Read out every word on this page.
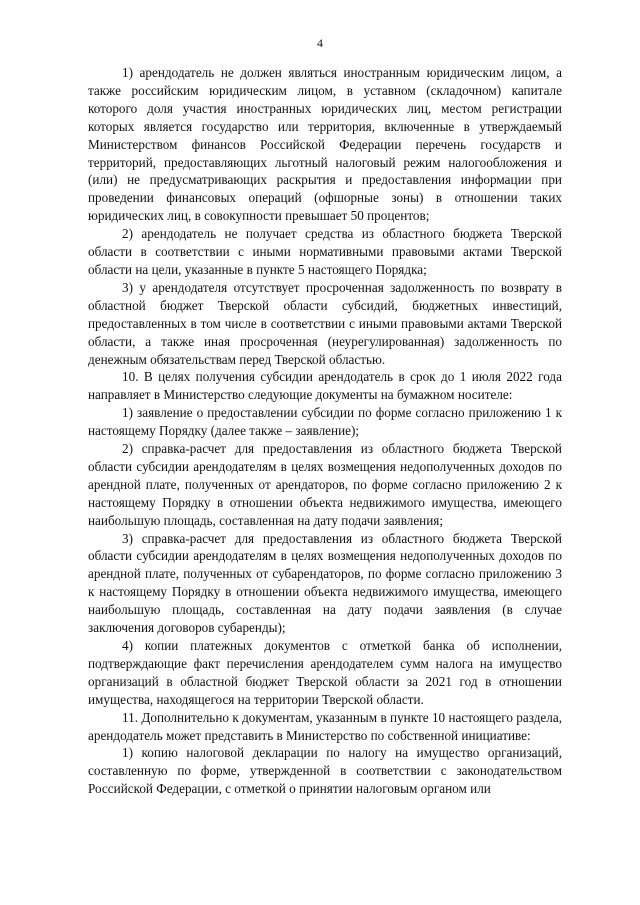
4

1) арендодатель не должен являться иностранным юридическим лицом, а также российским юридическим лицом, в уставном (складочном) капитале которого доля участия иностранных юридических лиц, местом регистрации которых является государство или территория, включенные в утверждаемый Министерством финансов Российской Федерации перечень государств и территорий, предоставляющих льготный налоговый режим налогообложения и (или) не предусматривающих раскрытия и предоставления информации при проведении финансовых операций (офшорные зоны) в отношении таких юридических лиц, в совокупности превышает 50 процентов;

2) арендодатель не получает средства из областного бюджета Тверской области в соответствии с иными нормативными правовыми актами Тверской области на цели, указанные в пункте 5 настоящего Порядка;

3) у арендодателя отсутствует просроченная задолженность по возврату в областной бюджет Тверской области субсидий, бюджетных инвестиций, предоставленных в том числе в соответствии с иными правовыми актами Тверской области, а также иная просроченная (неурегулированная) задолженность по денежным обязательствам перед Тверской областью.

10. В целях получения субсидии арендодатель в срок до 1 июля 2022 года направляет в Министерство следующие документы на бумажном носителе:

1) заявление о предоставлении субсидии по форме согласно приложению 1 к настоящему Порядку (далее также – заявление);

2) справка-расчет для предоставления из областного бюджета Тверской области субсидии арендодателям в целях возмещения недополученных доходов по арендной плате, полученных от арендаторов, по форме согласно приложению 2 к настоящему Порядку в отношении объекта недвижимого имущества, имеющего наибольшую площадь, составленная на дату подачи заявления;

3) справка-расчет для предоставления из областного бюджета Тверской области субсидии арендодателям в целях возмещения недополученных доходов по арендной плате, полученных от субарендаторов, по форме согласно приложению 3 к настоящему Порядку в отношении объекта недвижимого имущества, имеющего наибольшую площадь, составленная на дату подачи заявления (в случае заключения договоров субаренды);

4) копии платежных документов с отметкой банка об исполнении, подтверждающие факт перечисления арендодателем сумм налога на имущество организаций в областной бюджет Тверской области за 2021 год в отношении имущества, находящегося на территории Тверской области.

11. Дополнительно к документам, указанным в пункте 10 настоящего раздела, арендодатель может представить в Министерство по собственной инициативе:

1) копию налоговой декларации по налогу на имущество организаций, составленную по форме, утвержденной в соответствии с законодательством Российской Федерации, с отметкой о принятии налоговым органом или
